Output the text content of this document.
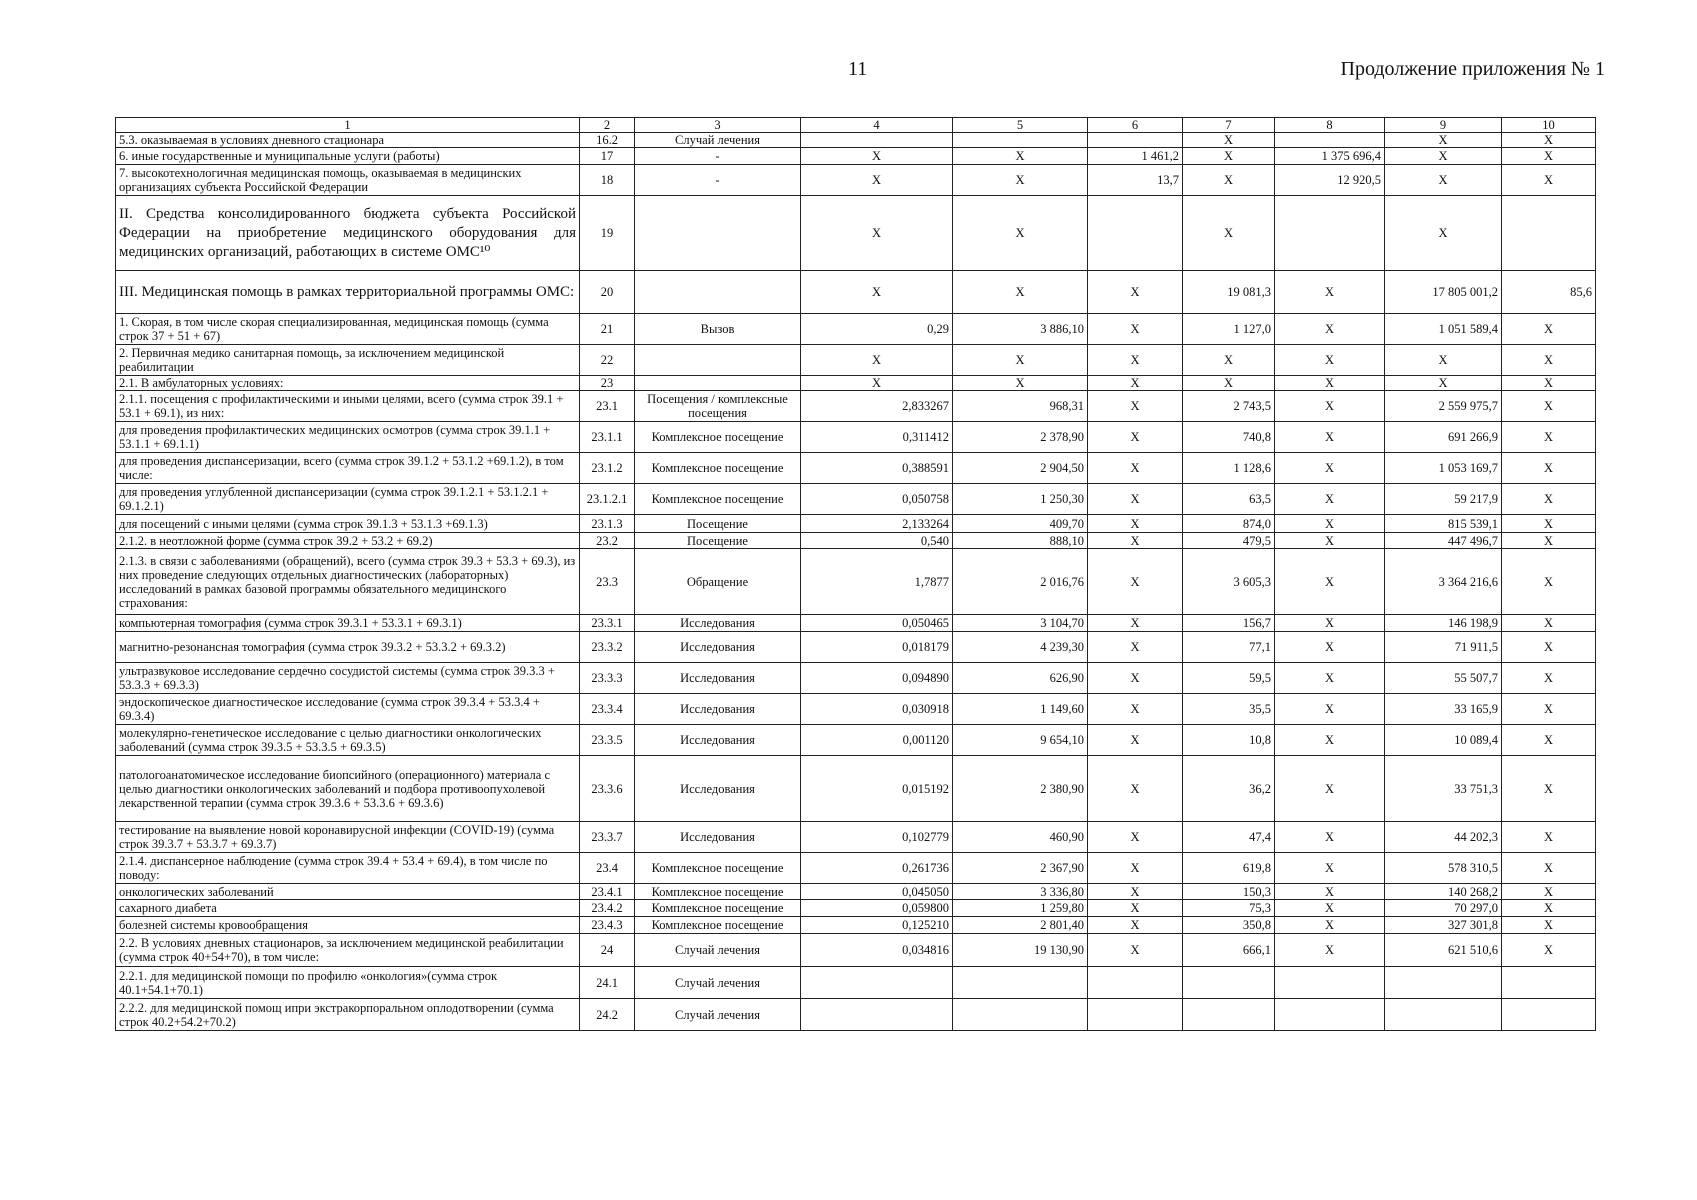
11	Продолжение приложения № 1
1	2	3	4	5	6	7	8	9	10
5.3. оказываемая в условиях дневного стационара	16.2	Случай лечения				X		X	X
6. иные государственные и муниципальные услуги (работы)	17	-	X	X	1 461,2	X	1 375 696,4	X	X
7. высокотехнологичная медицинская помощь, оказываемая в медицинских организациях субъекта Российской Федерации	18	-	X	X	13,7	X	12 920,5	X	X
II. Средства консолидированного бюджета субъекта Российской Федерации на приобретение медицинского оборудования для медицинских организаций, работающих в системе ОМС¹⁰	19		X	X		X		X	
III. Медицинская помощь в рамках территориальной программы ОМС:	20		X	X	X	19 081,3	X	17 805 001,2	85,6
1. Скорая, в том числе скорая специализированная, медицинская помощь (сумма строк 37 + 51 + 67)	21	Вызов	0,29	3 886,10	X	1 127,0	X	1 051 589,4	X
2. Первичная медико санитарная помощь, за исключением медицинской реабилитации	22		X	X	X	X	X	X	X
2.1. В амбулаторных условиях:	23		X	X	X	X	X	X	X
2.1.1. посещения с профилактическими и иными целями, всего (сумма строк 39.1 + 53.1 + 69.1), из них:	23.1	Посещения / комплексные посещения	2,833267	968,31	X	2 743,5	X	2 559 975,7	X
для проведения профилактических медицинских осмотров (сумма строк 39.1.1 + 53.1.1 + 69.1.1)	23.1.1	Комплексное посещение	0,311412	2 378,90	X	740,8	X	691 266,9	X
для проведения диспансеризации, всего (сумма строк 39.1.2 + 53.1.2 +69.1.2), в том числе:	23.1.2	Комплексное посещение	0,388591	2 904,50	X	1 128,6	X	1 053 169,7	X
для проведения углубленной диспансеризации (сумма строк 39.1.2.1 + 53.1.2.1 + 69.1.2.1)	23.1.2.1	Комплексное посещение	0,050758	1 250,30	X	63,5	X	59 217,9	X
для посещений с иными целями (сумма строк 39.1.3 + 53.1.3 +69.1.3)	23.1.3	Посещение	2,133264	409,70	X	874,0	X	815 539,1	X
2.1.2. в неотложной форме (сумма строк 39.2 + 53.2 + 69.2)	23.2	Посещение	0,540	888,10	X	479,5	X	447 496,7	X
2.1.3. в связи с заболеваниями (обращений), всего (сумма строк 39.3 + 53.3 + 69.3), из них проведение следующих отдельных диагностических (лабораторных) исследований в рамках базовой программы обязательного медицинского страхования:	23.3	Обращение	1,7877	2 016,76	X	3 605,3	X	3 364 216,6	X
компьютерная томография (сумма строк 39.3.1 + 53.3.1 + 69.3.1)	23.3.1	Исследования	0,050465	3 104,70	X	156,7	X	146 198,9	X
магнитно-резонансная томография (сумма строк 39.3.2 + 53.3.2 + 69.3.2)	23.3.2	Исследования	0,018179	4 239,30	X	77,1	X	71 911,5	X
ультразвуковое исследование сердечно сосудистой системы (сумма строк 39.3.3 + 53.3.3 + 69.3.3)	23.3.3	Исследования	0,094890	626,90	X	59,5	X	55 507,7	X
эндоскопическое диагностическое исследование (сумма строк 39.3.4 + 53.3.4 + 69.3.4)	23.3.4	Исследования	0,030918	1 149,60	X	35,5	X	33 165,9	X
молекулярно-генетическое исследование с целью диагностики онкологических заболеваний (сумма строк 39.3.5 + 53.3.5 + 69.3.5)	23.3.5	Исследования	0,001120	9 654,10	X	10,8	X	10 089,4	X
патологоанатомическое исследование биопсийного (операционного) материала с целью диагностики онкологических заболеваний и подбора противоопухолевой лекарственной терапии (сумма строк 39.3.6 + 53.3.6 + 69.3.6)	23.3.6	Исследования	0,015192	2 380,90	X	36,2	X	33 751,3	X
тестирование на выявление новой коронавирусной инфекции (COVID-19) (сумма строк 39.3.7 + 53.3.7 + 69.3.7)	23.3.7	Исследования	0,102779	460,90	X	47,4	X	44 202,3	X
2.1.4. диспансерное наблюдение (сумма строк 39.4 + 53.4 + 69.4), в том числе по поводу:	23.4	Комплексное посещение	0,261736	2 367,90	X	619,8	X	578 310,5	X
онкологических заболеваний	23.4.1	Комплексное посещение	0,045050	3 336,80	X	150,3	X	140 268,2	X
сахарного диабета	23.4.2	Комплексное посещение	0,059800	1 259,80	X	75,3	X	70 297,0	X
болезней системы кровообращения	23.4.3	Комплексное посещение	0,125210	2 801,40	X	350,8	X	327 301,8	X
2.2. В условиях дневных стационаров, за исключением медицинской реабилитации (сумма строк 40+54+70), в том числе:	24	Случай лечения	0,034816	19 130,90	X	666,1	X	621 510,6	X
2.2.1. для медицинской помощи по профилю «онкология»(сумма строк 40.1+54.1+70.1)	24.1	Случай лечения							
2.2.2. для медицинской помощ ипри экстракорпоральном оплодотворении (сумма строк 40.2+54.2+70.2)	24.2	Случай лечения							
